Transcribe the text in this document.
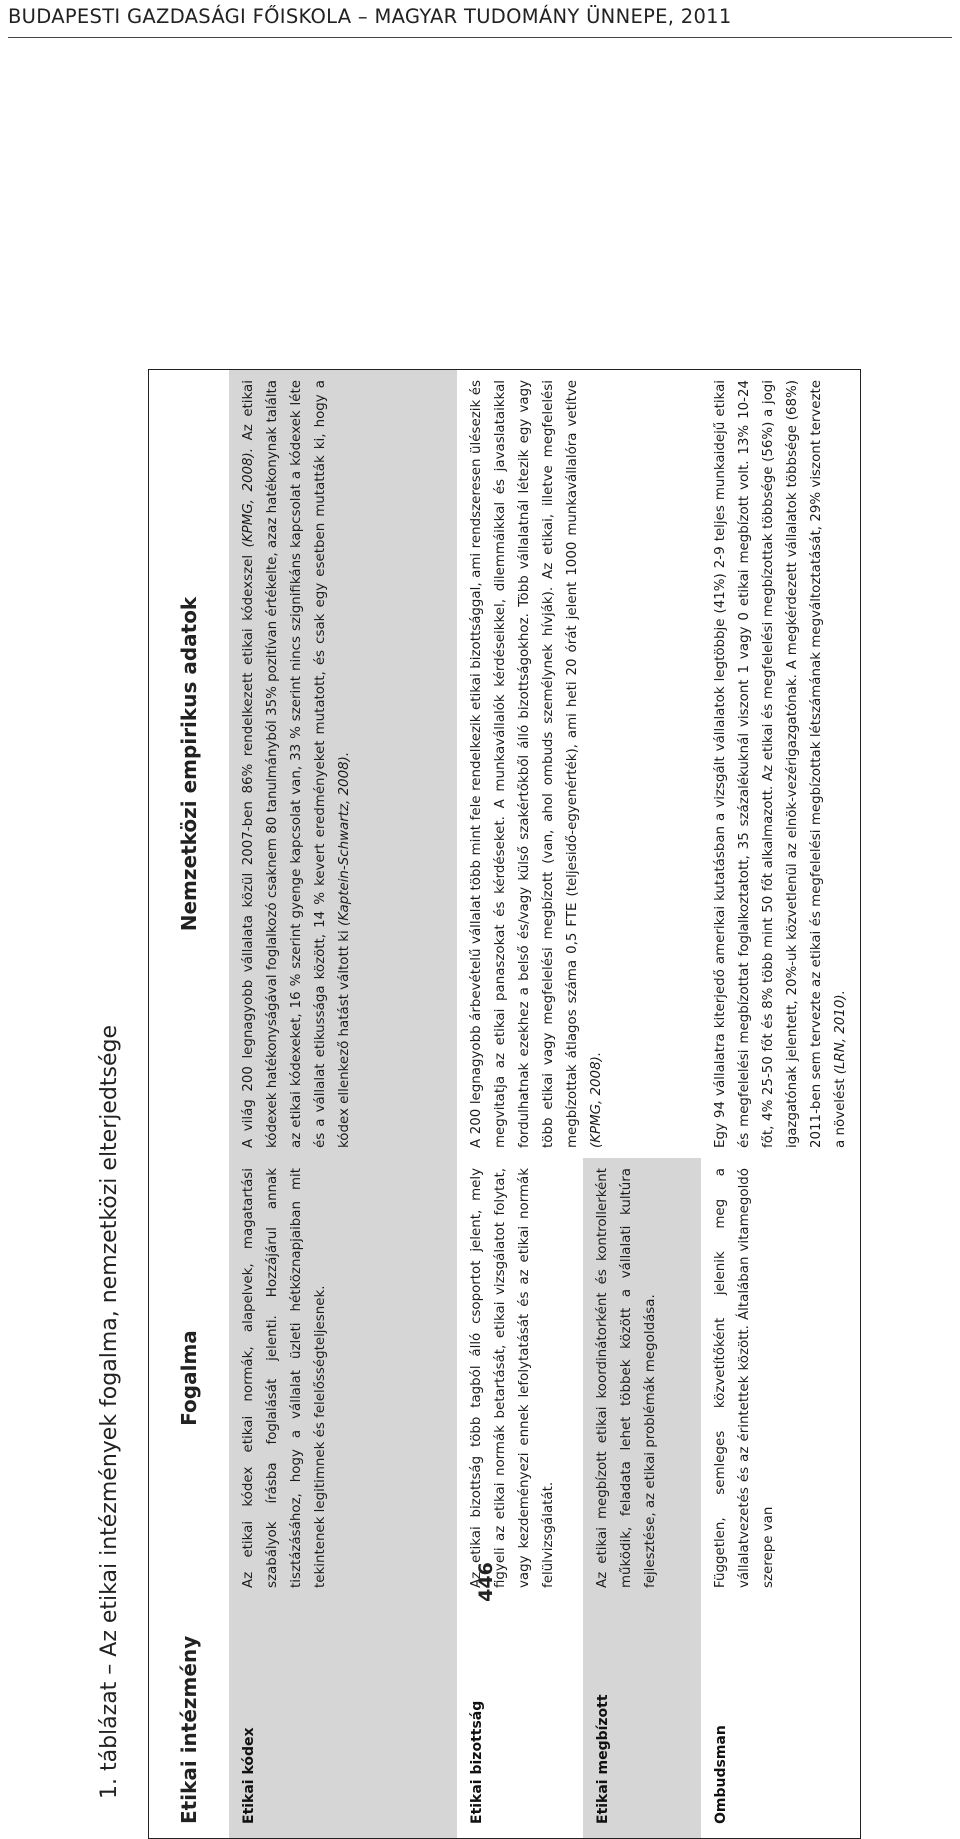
BUDAPESTI GAZDASÁGI FŐISKOLA – MAGYAR TUDOMÁNY ÜNNEPE, 2011
1. táblázat – Az etikai intézmények fogalma, nemzetközi elterjedtsége	Etikai intézmény
Fogalma
Nemzetközi empirikus adatok
Etikai kódex
Az etikai kódex etikai normák, alapelvek, magatartási szabályok írásba foglalását jelenti. Hozzájárul annak tisztázásához, hogy a vállalat üzleti hétköznapjaiban mit tekintenek legitimnek és felelősségteljesnek.
A világ 200 legnagyobb vállalata közül 2007-ben 86% rendelkezett etikai kódexszel (KPMG, 2008). Az etikai kódexek hatékonyságával foglalkozó csaknem 80 tanulmányból 35% pozitívan értékelte, azaz hatékonynak találta az etikai kódexeket, 16 % szerint gyenge kapcsolat van, 33 % szerint nincs szignifikáns kapcsolat a kódexek léte és a vállalat etikussága között, 14 % kevert eredményeket mutatott, és csak egy esetben mutatták ki, hogy a kódex ellenkező hatást váltott ki (Kaptein-Schwartz, 2008).
Etikai bizottság
Az etikai bizottság több tagból álló csoportot jelent, mely figyeli az etikai normák betartását, etikai vizsgálatot folytat, vagy kezdeményezi ennek lefolytatását és az etikai normák felülvizsgálatát.
Etikai megbízott
Az etikai megbízott etikai koordinátorként és kontrollerként működik, feladata lehet többek között a vállalati kultúra fejlesztése, az etikai problémák megoldása.
A 200 legnagyobb árbevételű vállalat több mint fele rendelkezik etikai bizottsággal, ami rendszeresen ülésezik és megvitatja az etikai panaszokat és kérdéseket. A munkavállalók kérdéseikkel, dilemmáikkal és javaslataikkal fordulhatnak ezekhez a belső és/vagy külső szakértőkből álló bizottságokhoz. Több vállalatnál létezik egy vagy több etikai vagy megfelelési megbízott (van, ahol ombuds személynek hívják). Az etikai, illetve megfelelési megbízottak átlagos száma 0,5 FTE (teljesidő-egyenérték), ami heti 20 órát jelent 1000 munkavállalóra vetítve (KPMG, 2008).
Ombudsman
Független, semleges közvetítőként jelenik meg a vállalatvezetés és az érintettek között. Általában vitamegoldó szerepe van
Egy 94 vállalatra kiterjedő amerikai kutatásban a vizsgált vállalatok legtöbbje (41%) 2-9 teljes munkaidejű etikai és megfelelési megbízottat foglalkoztatott, 35 százalékuknál viszont 1 vagy 0 etikai megbízott volt. 13% 10-24 főt, 4% 25-50 főt és 8% több mint 50 főt alkalmazott. Az etikai és megfelelési megbízottak többsége (56%) a jogi igazgatónak jelentett, 20%-uk közvetlenül az elnök-vezérigazgatónak. A megkérdezett vállalatok többsége (68%) 2011-ben sem tervezte az etikai és megfelelési megbízottak létszámának megváltoztatását, 29% viszont tervezte a növelést (LRN, 2010).
446
